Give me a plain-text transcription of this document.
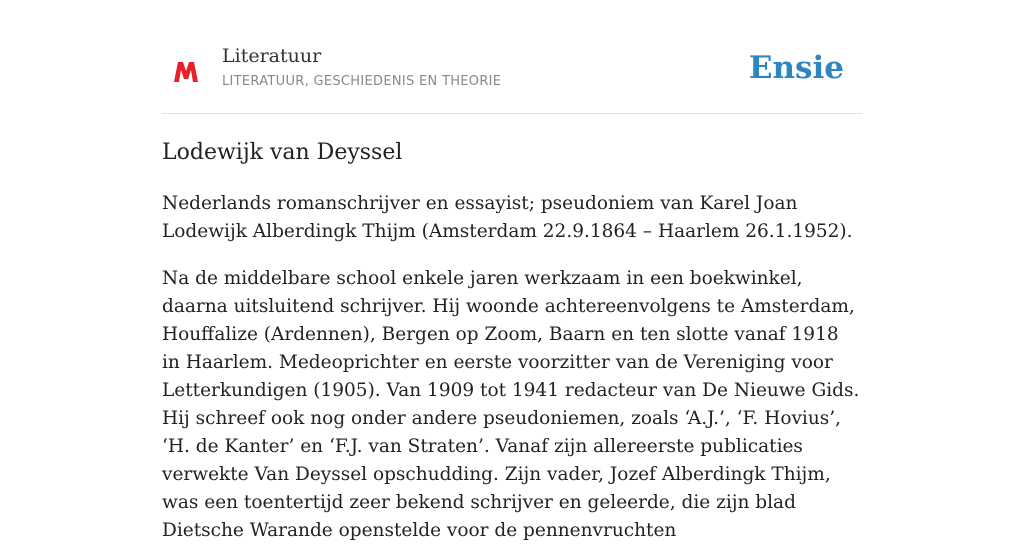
Literatuur
LITERATUUR, GESCHIEDENIS EN THEORIE	Ensie
Lodewijk van Deyssel

Nederlands romanschrijver en essayist; pseudoniem van Karel Joan Lodewijk Alberdingk Thijm (Amsterdam 22.9.1864 – Haarlem 26.1.1952).

Na de middelbare school enkele jaren werkzaam in een boekwinkel, daarna uitsluitend schrijver. Hij woonde achtereenvolgens te Amsterdam, Houffalize (Ardennen), Bergen op Zoom, Baarn en ten slotte vanaf 1918 in Haarlem. Medeoprichter en eerste voorzitter van de Vereniging voor Letterkundigen (1905). Van 1909 tot 1941 redacteur van De Nieuwe Gids. Hij schreef ook nog onder andere pseudoniemen, zoals ‘A.J.’, ‘F. Hovius’, ‘H. de Kanter’ en ‘F.J. van Straten’. Vanaf zijn allereerste publicaties verwekte Van Deyssel opschudding. Zijn vader, Jozef Alberdingk Thijm, was een toentertijd zeer bekend schrijver en geleerde, die zijn blad Dietsche Warande openstelde voor de pennenvruchten
